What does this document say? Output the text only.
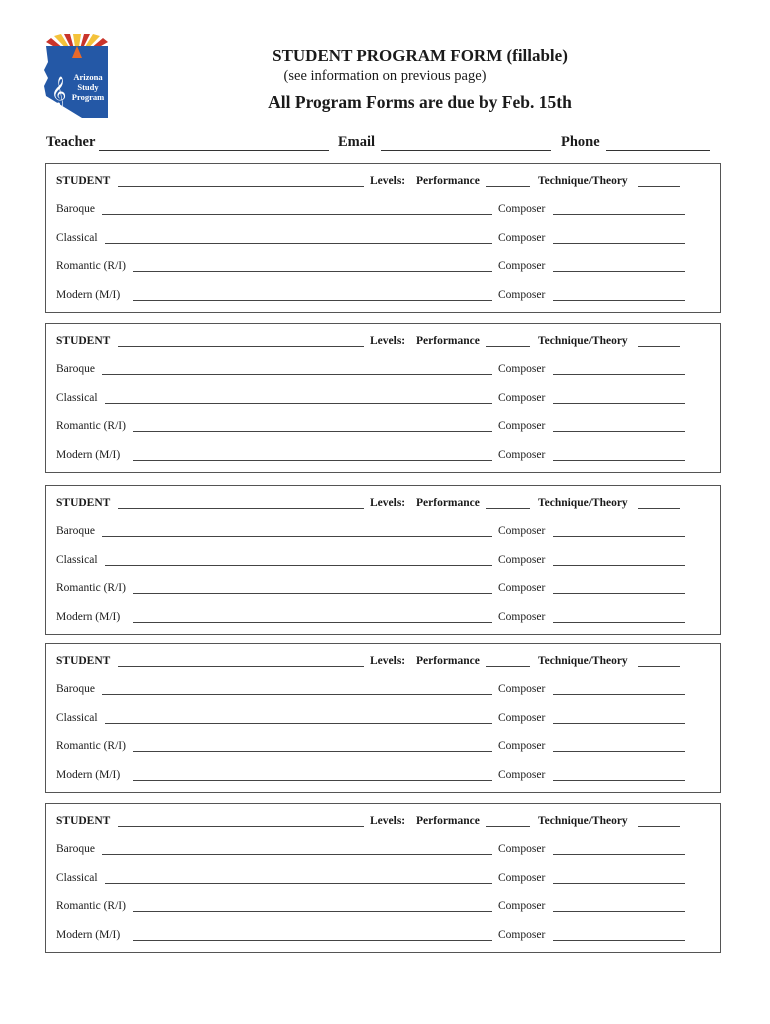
𝄞 Arizona
Study
Program
STUDENT PROGRAM FORM (fillable)
(see information on previous page)
All Program Forms are due by Feb. 15th
Teacher	Email	Phone
STUDENT	Levels: Performance	Technique/Theory
Baroque	Composer
Classical	Composer
Romantic (R/I)	Composer
Modern (M/I)	Composer
STUDENT	Levels: Performance	Technique/Theory
Baroque	Composer
Classical	Composer
Romantic (R/I)	Composer
Modern (M/I)	Composer
STUDENT	Levels: Performance	Technique/Theory
Baroque	Composer
Classical	Composer
Romantic (R/I)	Composer
Modern (M/I)	Composer
STUDENT	Levels: Performance	Technique/Theory
Baroque	Composer
Classical	Composer
Romantic (R/I)	Composer
Modern (M/I)	Composer
STUDENT	Levels: Performance	Technique/Theory
Baroque	Composer
Classical	Composer
Romantic (R/I)	Composer
Modern (M/I)	Composer
